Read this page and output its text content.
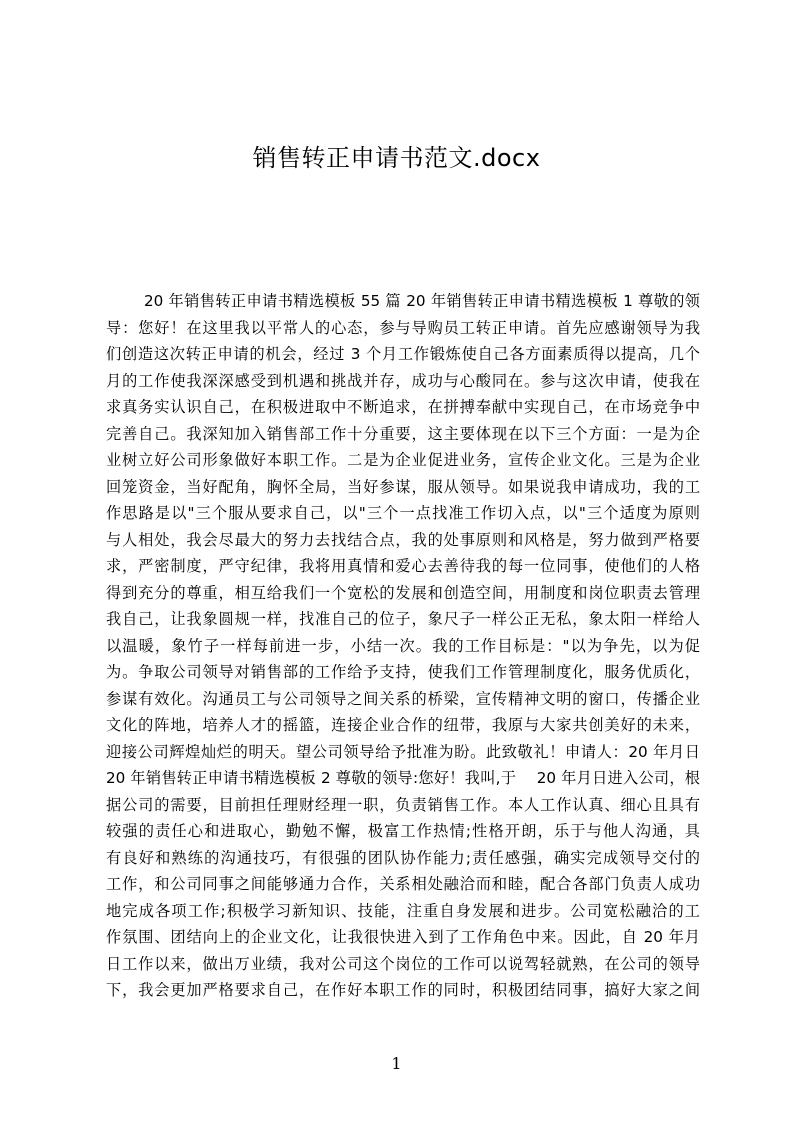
销售转正申请书范文.docx
20 年销售转正申请书精选模板 55 篇 20 年销售转正申请书精选模板 1 尊敬的领
导：您好！在这里我以平常人的心态，参与导购员工转正申请。首先应感谢领导为我
们创造这次转正申请的机会，经过 3 个月工作锻炼使自己各方面素质得以提高，几个
月的工作使我深深感受到机遇和挑战并存，成功与心酸同在。参与这次申请，使我在
求真务实认识自己，在积极进取中不断追求，在拼搏奉献中实现自己，在市场竞争中
完善自己。我深知加入销售部工作十分重要，这主要体现在以下三个方面：一是为企
业树立好公司形象做好本职工作。二是为企业促进业务，宣传企业文化。三是为企业
回笼资金，当好配角，胸怀全局，当好参谋，服从领导。如果说我申请成功，我的工
作思路是以"三个服从要求自己，以"三个一点找准工作切入点，以"三个适度为原则
与人相处，我会尽最大的努力去找结合点，我的处事原则和风格是，努力做到严格要
求，严密制度，严守纪律，我将用真情和爱心去善待我的每一位同事，使他们的人格
得到充分的尊重，相互给我们一个宽松的发展和创造空间，用制度和岗位职责去管理
我自己，让我象圆规一样，找准自己的位子，象尺子一样公正无私，象太阳一样给人
以温暖，象竹子一样每前进一步，小结一次。我的工作目标是："以为争先，以为促
为。争取公司领导对销售部的工作给予支持，使我们工作管理制度化，服务优质化，
参谋有效化。沟通员工与公司领导之间关系的桥梁，宣传精神文明的窗口，传播企业
文化的阵地，培养人才的摇篮，连接企业合作的纽带，我原与大家共创美好的未来，
迎接公司辉煌灿烂的明天。望公司领导给予批准为盼。此致敬礼！申请人：20 年月日
20 年销售转正申请书精选模板 2 尊敬的领导:您好！我叫,于　 20 年月日进入公司，根
据公司的需要，目前担任理财经理一职，负责销售工作。本人工作认真、细心且具有
较强的责任心和进取心，勤勉不懈，极富工作热情;性格开朗，乐于与他人沟通，具
有良好和熟练的沟通技巧，有很强的团队协作能力;责任感强，确实完成领导交付的
工作，和公司同事之间能够通力合作，关系相处融洽而和睦，配合各部门负责人成功
地完成各项工作;积极学习新知识、技能，注重自身发展和进步。公司宽松融洽的工
作氛围、团结向上的企业文化，让我很快进入到了工作角色中来。因此，自 20 年月
日工作以来，做出万业绩，我对公司这个岗位的工作可以说驾轻就熟，在公司的领导
下，我会更加严格要求自己，在作好本职工作的同时，积极团结同事，搞好大家之间
1
